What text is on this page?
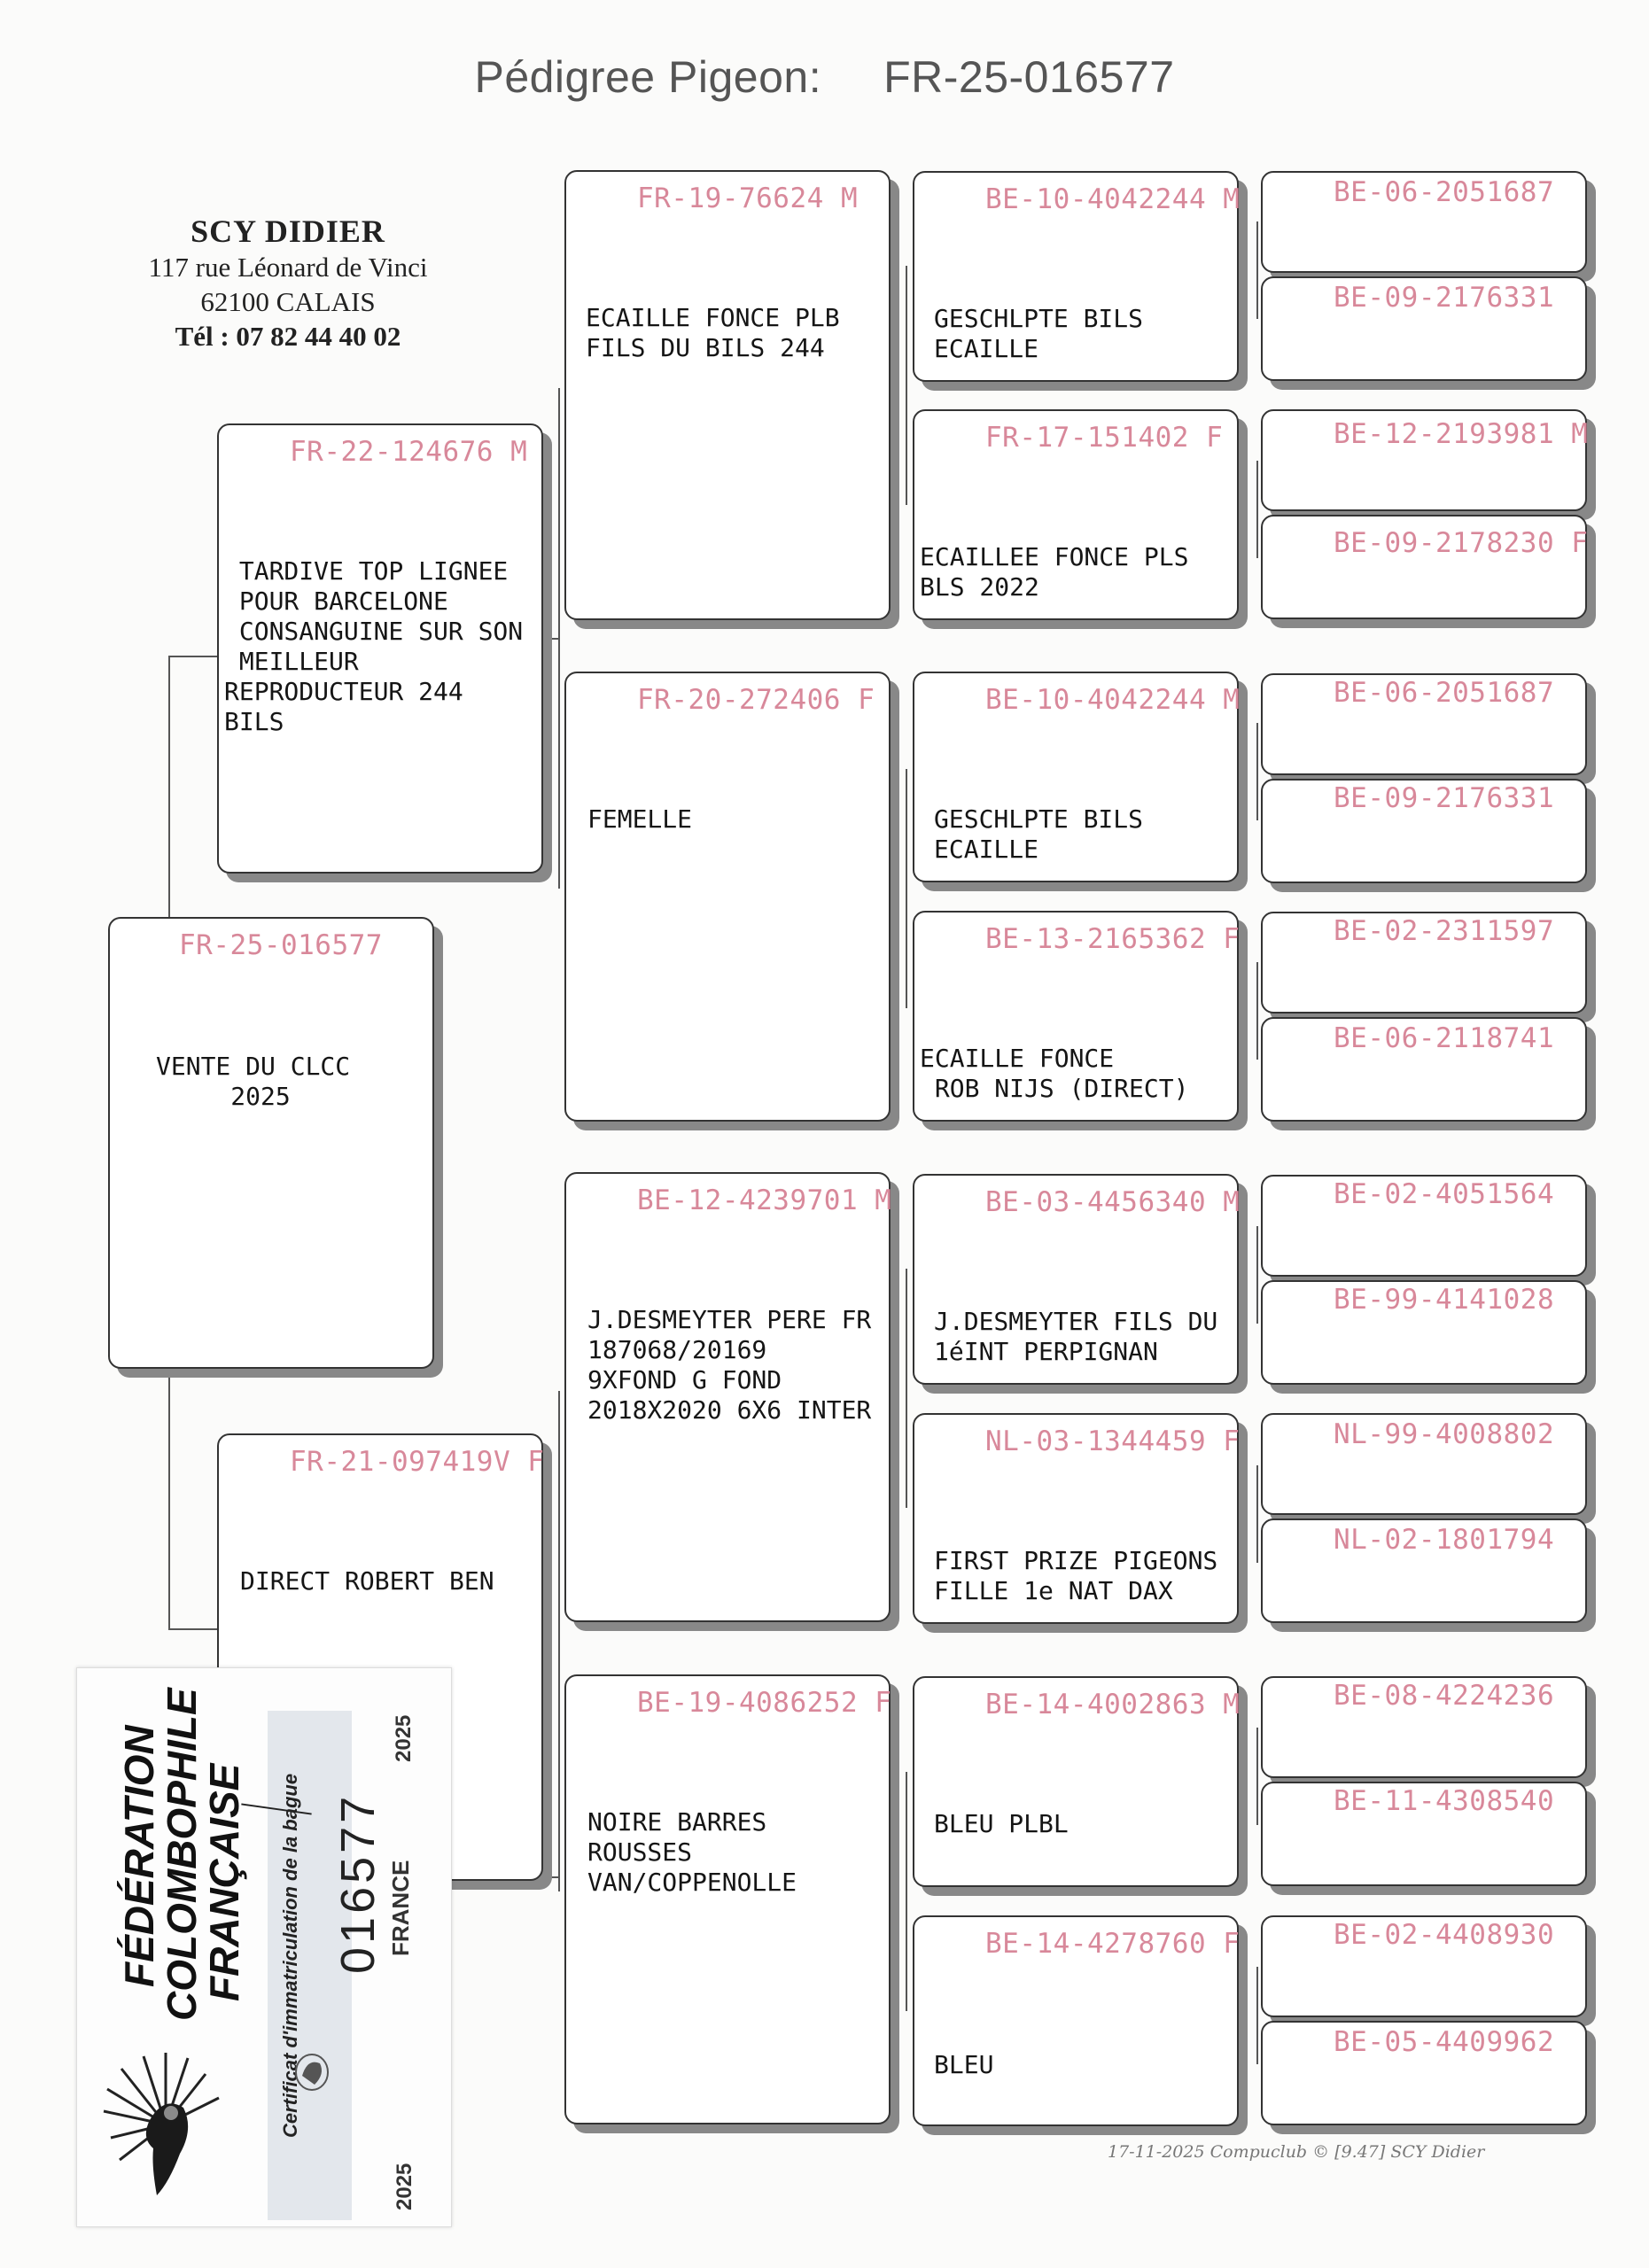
Pédigree Pigeon: FR-25-016577
SCY DIDIER
117 rue Léonard de Vinci
62100 CALAIS
Tél : 07 82 44 40 02
FR-25-016577
VENTE DU CLCC
2025
FR-22-124676 M
TARDIVE TOP LIGNEE
POUR BARCELONE
CONSANGUINE SUR SON
MEILLEUR
REPRODUCTEUR 244
BILS
FR-21-097419V F
DIRECT ROBERT BEN
FR-19-76624 M
ECAILLE FONCE PLB
FILS DU BILS 244
FR-20-272406 F
FEMELLE
BE-12-4239701 M
J.DESMEYTER PERE FR
187068/20169
9XFOND G FOND
2018X2020 6X6 INTER
BE-19-4086252 F
NOIRE BARRES
ROUSSES
VAN/COPPENOLLE
BE-10-4042244 M
GESCHLPTE BILS
ECAILLE
FR-17-151402 F
ECAILLEE FONCE PLS
BLS 2022
BE-10-4042244 M
GESCHLPTE BILS
ECAILLE
BE-13-2165362 F
ECAILLE FONCE
ROB NIJS (DIRECT)
BE-03-4456340 M
J.DESMEYTER FILS DU
1éINT PERPIGNAN
NL-03-1344459 F
FIRST PRIZE PIGEONS
FILLE 1e NAT DAX
BE-14-4002863 M
BLEU PLBL
BE-14-4278760 F
BLEU
BE-06-2051687
BE-09-2176331
BE-12-2193981 M
BE-09-2178230 F
BE-06-2051687
BE-09-2176331
BE-02-2311597
BE-06-2118741
BE-02-4051564
BE-99-4141028
NL-99-4008802
NL-02-1801794
BE-08-4224236
BE-11-4308540
BE-02-4408930
BE-05-4409962
17-11-2025 Compuclub © [9.47] SCY Didier
FÉDÉRATION
COLOMBOPHILE
FRANÇAISE Certificat d'immatriculation de la bague 016577 FRANCE
2025
2025
